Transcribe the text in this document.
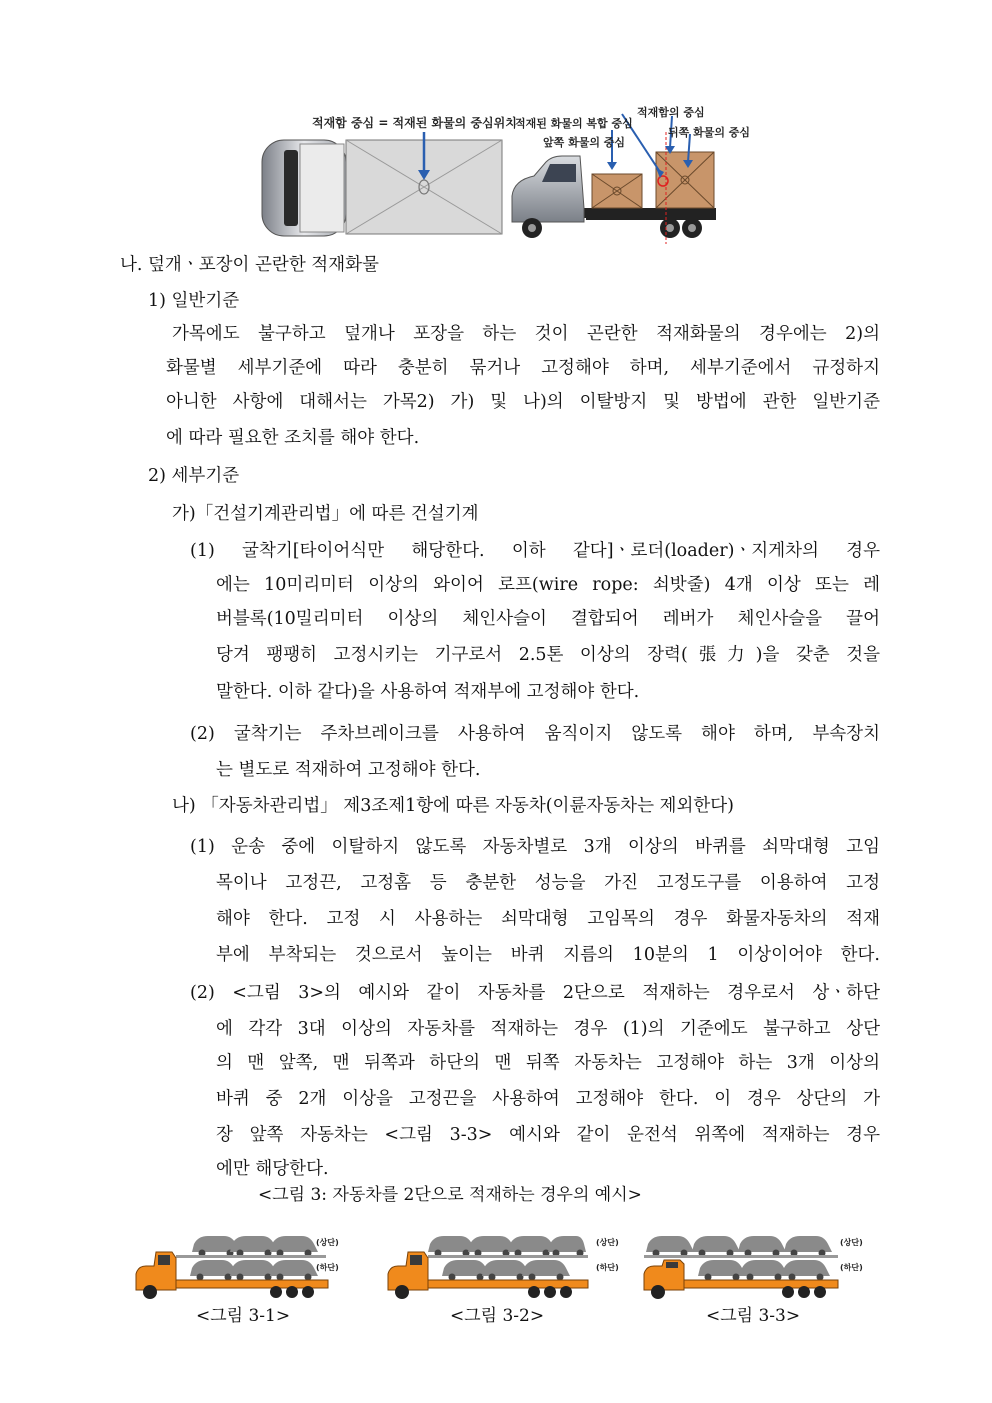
적재함 중심 = 적재된 화물의 중심위치
적재된 화물의 복합 중심
앞쪽 화물의 중심
적재함의 중심
뒤쪽 화물의 중심
나. 덮개ㆍ포장이 곤란한 적재화물
1) 일반기준
가목에도 불구하고 덮개나 포장을 하는 것이 곤란한 적재화물의 경우에는 2)의
화물별 세부기준에 따라 충분히 묶거나 고정해야 하며, 세부기준에서 규정하지
아니한 사항에 대해서는 가목2) 가) 및 나)의 이탈방지 및 방법에 관한 일반기준
에 따라 필요한 조치를 해야 한다.
2) 세부기준
가)「건설기계관리법」에 따른 건설기계
(1) 굴착기[타이어식만 해당한다. 이하 같다]ㆍ로더(loader)ㆍ지게차의 경우
에는 10미리미터 이상의 와이어 로프(wire rope: 쇠밧줄) 4개 이상 또는 레
버블록(10밀리미터 이상의 체인사슬이 결합되어 레버가 체인사슬을 끌어
당겨 팽팽히 고정시키는 기구로서 2.5톤 이상의 장력(張力)을 갖춘 것을
말한다. 이하 같다)을 사용하여 적재부에 고정해야 한다.
(2) 굴착기는 주차브레이크를 사용하여 움직이지 않도록 해야 하며, 부속장치
는 별도로 적재하여 고정해야 한다.
나) 「자동차관리법」 제3조제1항에 따른 자동차(이륜자동차는 제외한다)
(1) 운송 중에 이탈하지 않도록 자동차별로 3개 이상의 바퀴를 쇠막대형 고임
목이나 고정끈, 고정홈 등 충분한 성능을 가진 고정도구를 이용하여 고정
해야 한다. 고정 시 사용하는 쇠막대형 고임목의 경우 화물자동차의 적재
부에 부착되는 것으로서 높이는 바퀴 지름의 10분의 1 이상이어야 한다.
(2) <그림 3>의 예시와 같이 자동차를 2단으로 적재하는 경우로서 상ㆍ하단
에 각각 3대 이상의 자동차를 적재하는 경우 (1)의 기준에도 불구하고 상단
의 맨 앞쪽, 맨 뒤쪽과 하단의 맨 뒤쪽 자동차는 고정해야 하는 3개 이상의
바퀴 중 2개 이상을 고정끈을 사용하여 고정해야 한다. 이 경우 상단의 가
장 앞쪽 자동차는 <그림 3-3> 예시와 같이 운전석 위쪽에 적재하는 경우
에만 해당한다.
<그림 3: 자동차를 2단으로 적재하는 경우의 예시>
(상단)
(하단)
(상단)
(하단)
(상단)
(하단)
<그림 3-1>	<그림 3-2>	<그림 3-3>
